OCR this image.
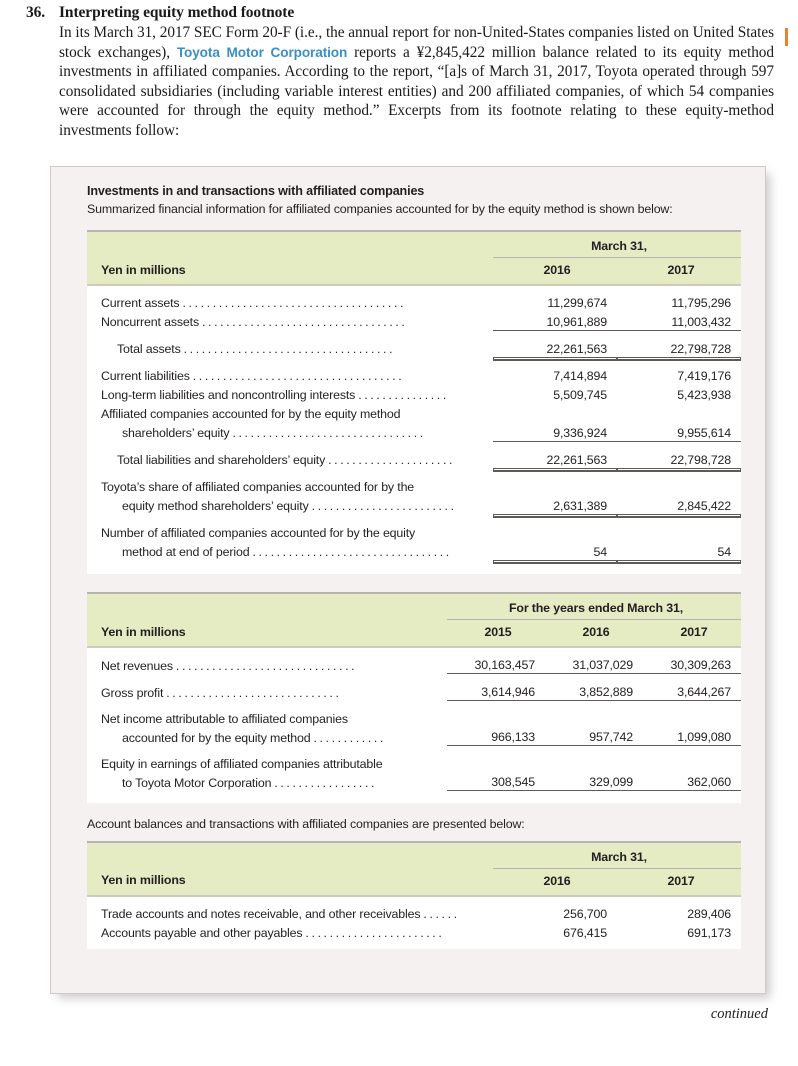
36. Interpreting equity method footnote
In its March 31, 2017 SEC Form 20-F (i.e., the annual report for non-United-States companies listed on United States stock exchanges), Toyota Motor Corporation reports a ¥2,845,422 million balance related to its equity method investments in affiliated companies. According to the report, “[a]s of March 31, 2017, Toyota operated through 597 consolidated subsidiaries (including variable interest entities) and 200 affiliated companies, of which 54 companies were accounted for through the equity method.” Excerpts from its footnote relating to these equity-method investments follow:
Investments in and transactions with affiliated companies
Summarized financial information for affiliated companies accounted for by the equity method is shown below:
	March 31,	
Yen in millions	2016	2017
Current assets .....................................	11,299,674	11,795,296
Noncurrent assets ..................................	10,961,889	11,003,432
Total assets ...................................	22,261,563	22,798,728

Current liabilities ...................................	7,414,894	7,419,176
Long-term liabilities and noncontrolling interests ...............	5,509,745	5,423,938
Affiliated companies accounted for by the equity method		
shareholders’ equity ................................	9,336,924	9,955,614
Total liabilities and shareholders’ equity .....................	22,261,563	22,798,728

Toyota’s share of affiliated companies accounted for by the		
equity method shareholders’ equity ........................	2,631,389	2,845,422

Number of affiliated companies accounted for by the equity		
method at end of period .................................	54	54

	For the years ended March 31,		
Yen in millions	2015	2016	2017
Net revenues ..............................	30,163,457	31,037,029	30,309,263
Gross profit .............................	3,614,946	3,852,889	3,644,267
Net income attributable to affiliated companies			
accounted for by the equity method ............	966,133	957,742	1,099,080
Equity in earnings of affiliated companies attributable			
to Toyota Motor Corporation .................	308,545	329,099	362,060

Account balances and transactions with affiliated companies are presented below:
	March 31,	
Yen in millions	2016	2017
Trade accounts and notes receivable, and other receivables ......	256,700	289,406
Accounts payable and other payables .......................	676,415	691,173

continued
